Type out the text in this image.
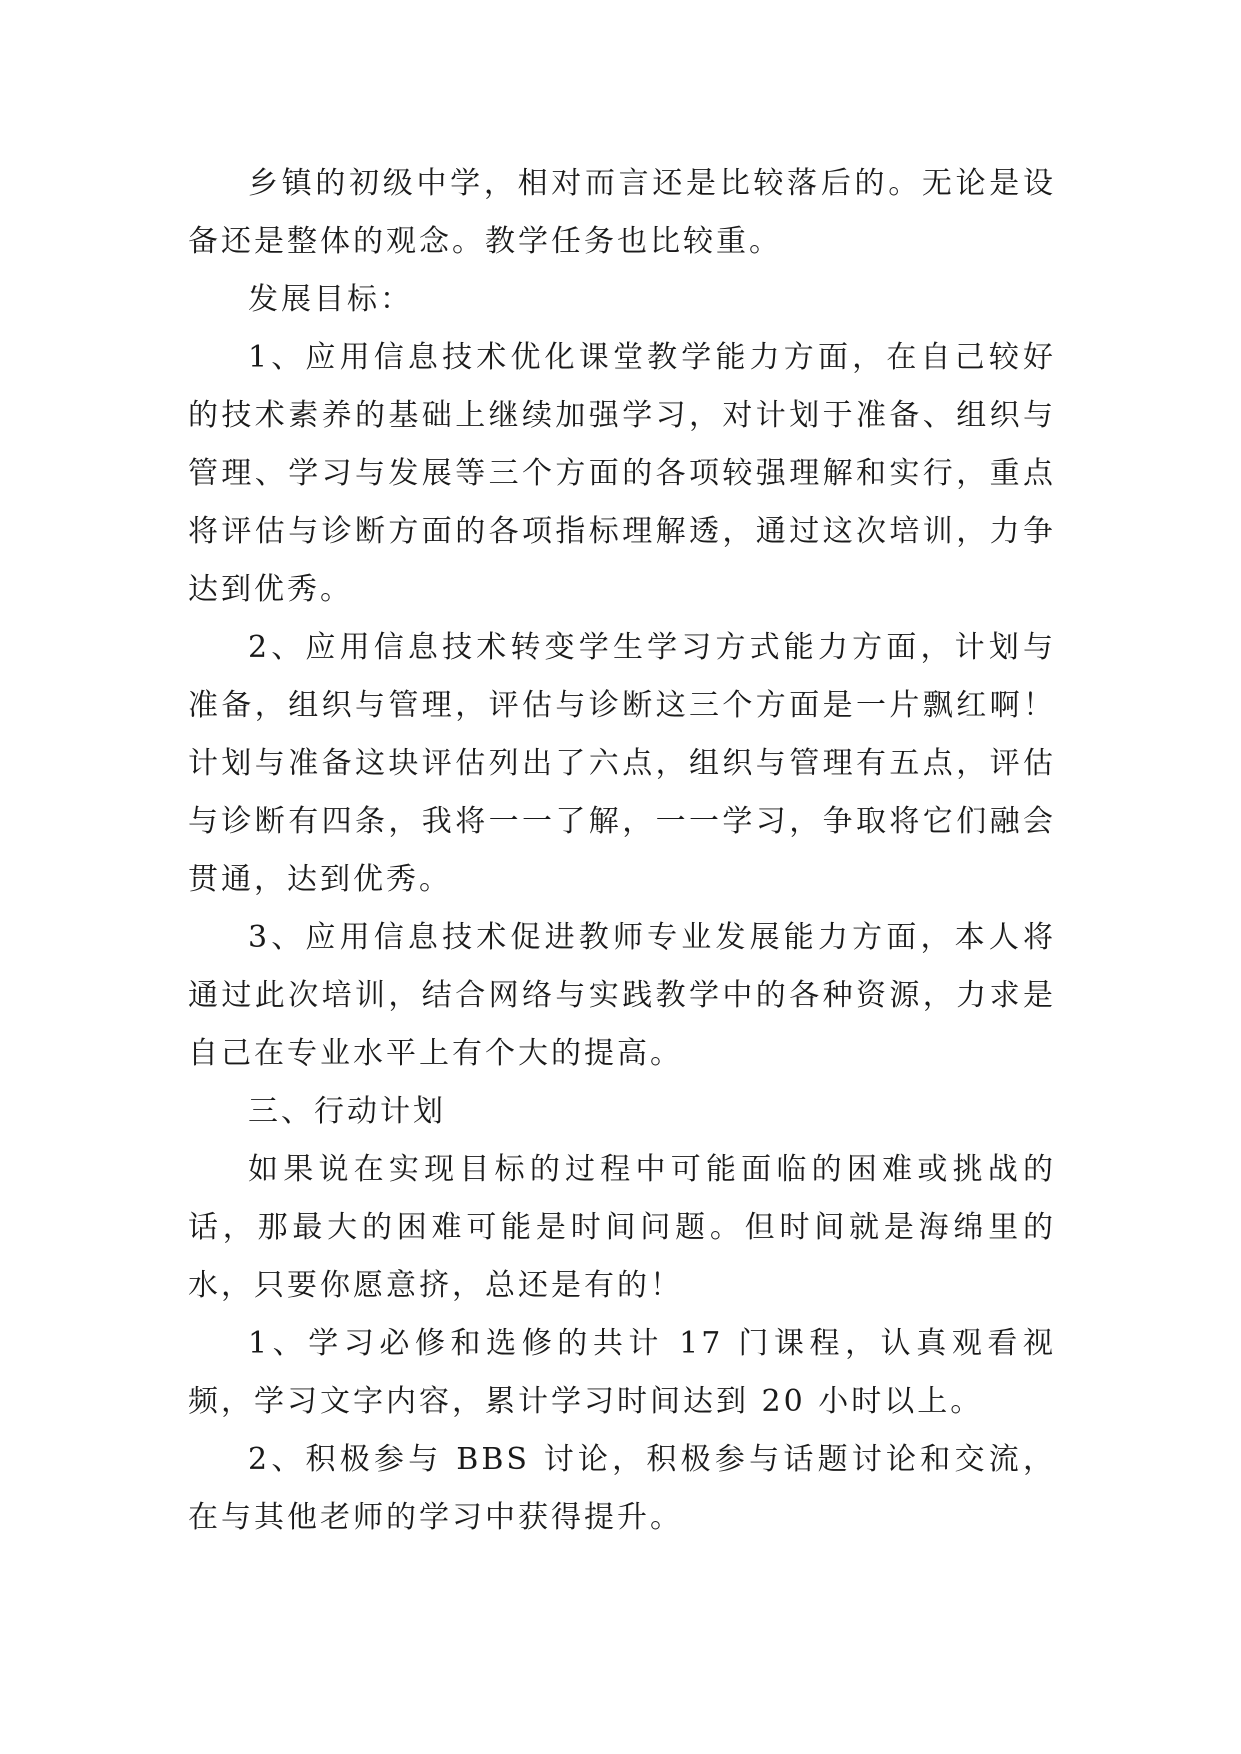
乡镇的初级中学，相对而言还是比较落后的。无论是设备还是整体的观念。教学任务也比较重。

发展目标：

1、应用信息技术优化课堂教学能力方面，在自己较好的技术素养的基础上继续加强学习，对计划于准备、组织与管理、学习与发展等三个方面的各项较强理解和实行，重点将评估与诊断方面的各项指标理解透，通过这次培训，力争达到优秀。

2、应用信息技术转变学生学习方式能力方面，计划与准备，组织与管理，评估与诊断这三个方面是一片飘红啊！计划与准备这块评估列出了六点，组织与管理有五点，评估与诊断有四条，我将一一了解，一一学习，争取将它们融会贯通，达到优秀。

3、应用信息技术促进教师专业发展能力方面，本人将通过此次培训，结合网络与实践教学中的各种资源，力求是自己在专业水平上有个大的提高。

三、行动计划

如果说在实现目标的过程中可能面临的困难或挑战的话，那最大的困难可能是时间问题。但时间就是海绵里的水，只要你愿意挤，总还是有的！

1、学习必修和选修的共计 17 门课程，认真观看视频，学习文字内容，累计学习时间达到 20 小时以上。

2、积极参与 BBS 讨论，积极参与话题讨论和交流，在与其他老师的学习中获得提升。
